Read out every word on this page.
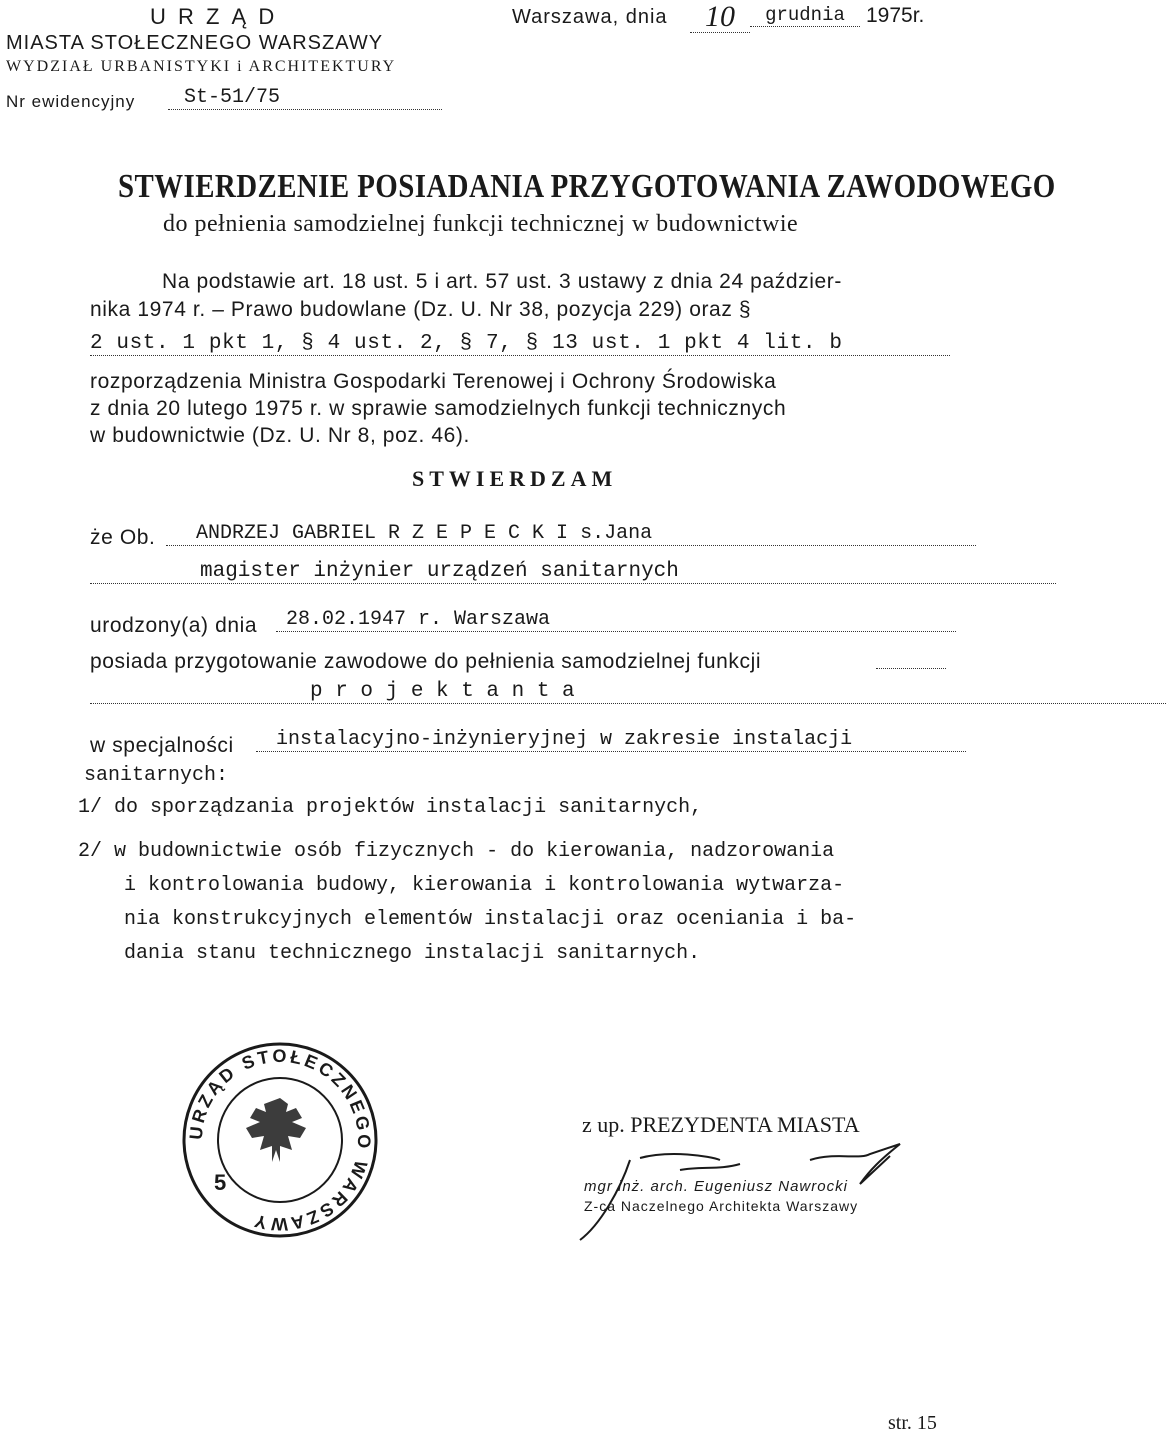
U R Z Ą D
MIASTA STOŁECZNEGO WARSZAWY
WYDZIAŁ URBANISTYKI i ARCHITEKTURY
Nr ewidencyjny	St-51/75
Warszawa, dnia	10	grudnia	1975r.
STWIERDZENIE POSIADANIA PRZYGOTOWANIA ZAWODOWEGO
do pełnienia samodzielnej funkcji technicznej w budownictwie
Na podstawie art. 18 ust. 5 i art. 57 ust. 3 ustawy z dnia 24 paździer-
nika 1974 r. – Prawo budowlane (Dz. U. Nr 38, pozycja 229) oraz §
2 ust. 1 pkt 1, § 4 ust. 2, § 7, § 13 ust. 1 pkt 4 lit. b
rozporządzenia Ministra Gospodarki Terenowej i Ochrony Środowiska
z dnia 20 lutego 1975 r. w sprawie samodzielnych funkcji technicznych
w budownictwie (Dz. U. Nr 8, poz. 46).
STWIERDZAM
że Ob.	ANDRZEJ GABRIEL R Z E P E C K I s.Jana
magister inżynier urządzeń sanitarnych
urodzony(a) dnia	28.02.1947 r. Warszawa
posiada przygotowanie zawodowe do pełnienia samodzielnej funkcji
p r o j e k t a n t a
w specjalności	instalacyjno-inżynieryjnej w zakresie instalacji
sanitarnych:
1/ do sporządzania projektów instalacji sanitarnych,
2/ w budownictwie osób fizycznych - do kierowania, nadzorowania
i kontrolowania budowy, kierowania i kontrolowania wytwarza-
nia konstrukcyjnych elementów instalacji oraz oceniania i ba-
dania stanu technicznego instalacji sanitarnych.
URZĄD STOŁECZNEGO WARSZAWY
5
z up. PREZYDENTA MIASTA
mgr inż. arch. Eugeniusz Nawrocki
Z-ca Naczelnego Architekta Warszawy
str. 15
